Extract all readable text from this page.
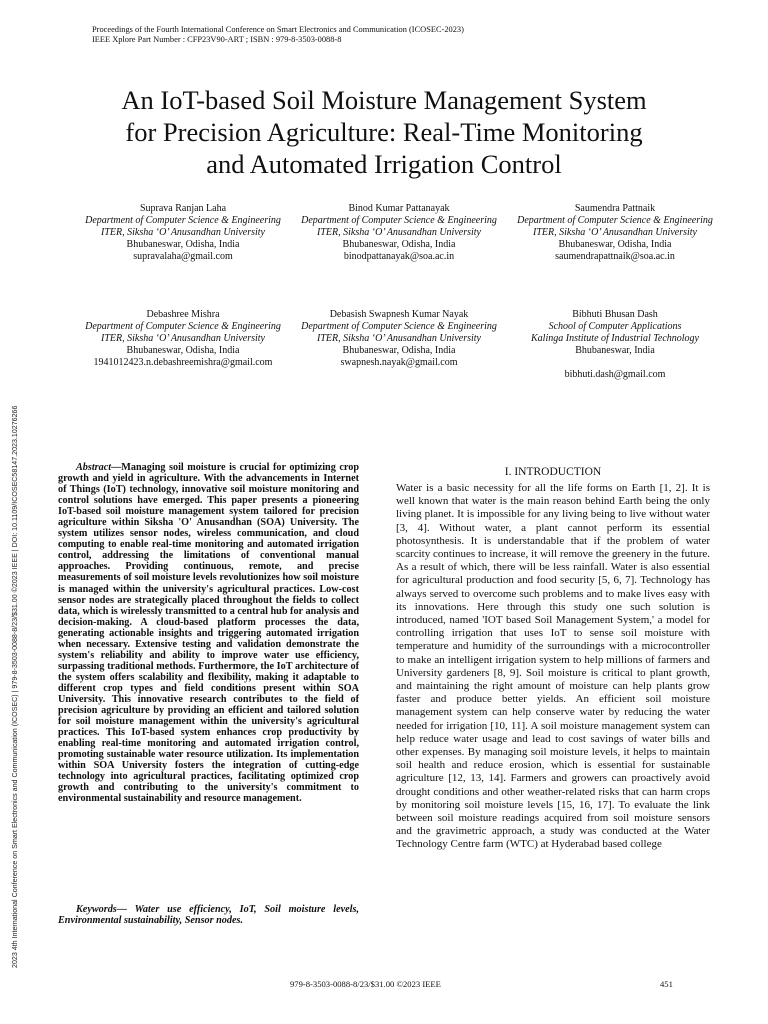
Proceedings of the Fourth International Conference on Smart Electronics and Communication (ICOSEC-2023)
IEEE Xplore Part Number : CFP23V90-ART ; ISBN : 979-8-3503-0088-8
An IoT-based Soil Moisture Management System
for Precision Agriculture: Real-Time Monitoring
and Automated Irrigation Control
Suprava Ranjan Laha
Department of Computer Science & Engineering
ITER, Siksha ‘O’ Anusandhan University
Bhubaneswar, Odisha, India
supravalaha@gmail.com
Binod Kumar Pattanayak
Department of Computer Science & Engineering
ITER, Siksha ‘O’ Anusandhan University
Bhubaneswar, Odisha, India
binodpattanayak@soa.ac.in
Saumendra Pattnaik
Department of Computer Science & Engineering
ITER, Siksha ‘O’ Anusandhan University
Bhubaneswar, Odisha, India
saumendrapattnaik@soa.ac.in
Debashree Mishra
Department of Computer Science & Engineering
ITER, Siksha ‘O’ Anusandhan University
Bhubaneswar, Odisha, India
1941012423.n.debashreemishra@gmail.com
Debasish Swapnesh Kumar Nayak
Department of Computer Science & Engineering
ITER, Siksha ‘O’ Anusandhan University
Bhubaneswar, Odisha, India
swapnesh.nayak@gmail.com
Bibhuti Bhusan Dash
School of Computer Applications
Kalinga Institute of Industrial Technology
Bhubaneswar, India
bibhuti.dash@gmail.com
2023 4th International Conference on Smart Electronics and Communication (ICOSEC) | 979-8-3503-0088-8/23/$31.00 ©2023 IEEE | DOI: 10.1109/ICOSEC58147.2023.10276266	Abstract—Managing soil moisture is crucial for optimizing crop growth and yield in agriculture. With the advancements in Internet of Things (IoT) technology, innovative soil moisture monitoring and control solutions have emerged. This paper presents a pioneering IoT-based soil moisture management system tailored for precision agriculture within Siksha 'O' Anusandhan (SOA) University. The system utilizes sensor nodes, wireless communication, and cloud computing to enable real-time monitoring and automated irrigation control, addressing the limitations of conventional manual approaches. Providing continuous, remote, and precise measurements of soil moisture levels revolutionizes how soil moisture is managed within the university's agricultural practices. Low-cost sensor nodes are strategically placed throughout the fields to collect data, which is wirelessly transmitted to a central hub for analysis and decision-making. A cloud-based platform processes the data, generating actionable insights and triggering automated irrigation when necessary. Extensive testing and validation demonstrate the system's reliability and ability to improve water use efficiency, surpassing traditional methods. Furthermore, the IoT architecture of the system offers scalability and flexibility, making it adaptable to different crop types and field conditions present within SOA University. This innovative research contributes to the field of precision agriculture by providing an efficient and tailored solution for soil moisture management within the university's agricultural practices. This IoT-based system enhances crop productivity by enabling real-time monitoring and automated irrigation control, promoting sustainable water resource utilization. Its implementation within SOA University fosters the integration of cutting-edge technology into agricultural practices, facilitating optimized crop growth and contributing to the university's commitment to environmental sustainability and resource management.

Keywords— Water use efficiency, IoT, Soil moisture levels, Environmental sustainability, Sensor nodes.

I. INTRODUCTION

Water is a basic necessity for all the life forms on Earth [1, 2]. It is well known that water is the main reason behind Earth being the only living planet. It is impossible for any living being to live without water [3, 4]. Without water, a plant cannot perform its essential photosynthesis. It is understandable that if the problem of water scarcity continues to increase, it will remove the greenery in the future. As a result of which, there will be less rainfall. Water is also essential for agricultural production and food security [5, 6, 7]. Technology has always served to overcome such problems and to make lives easy with its innovations. Here through this study one such solution is introduced, named 'IOT based Soil Management System,' a model for controlling irrigation that uses IoT to sense soil moisture with temperature and humidity of the surroundings with a microcontroller to make an intelligent irrigation system to help millions of farmers and University gardeners [8, 9]. Soil moisture is critical to plant growth, and maintaining the right amount of moisture can help plants grow faster and produce better yields. An efficient soil moisture management system can help conserve water by reducing the water needed for irrigation [10, 11]. A soil moisture management system can help reduce water usage and lead to cost savings of water bills and other expenses. By managing soil moisture levels, it helps to maintain soil health and reduce erosion, which is essential for sustainable agriculture [12, 13, 14]. Farmers and growers can proactively avoid drought conditions and other weather-related risks that can harm crops by monitoring soil moisture levels [15, 16, 17]. To evaluate the link between soil moisture readings acquired from soil moisture sensors and the gravimetric approach, a study was conducted at the Water Technology Centre farm (WTC) at Hyderabad based college

979-8-3503-0088-8/23/$31.00 ©2023 IEEE	451
